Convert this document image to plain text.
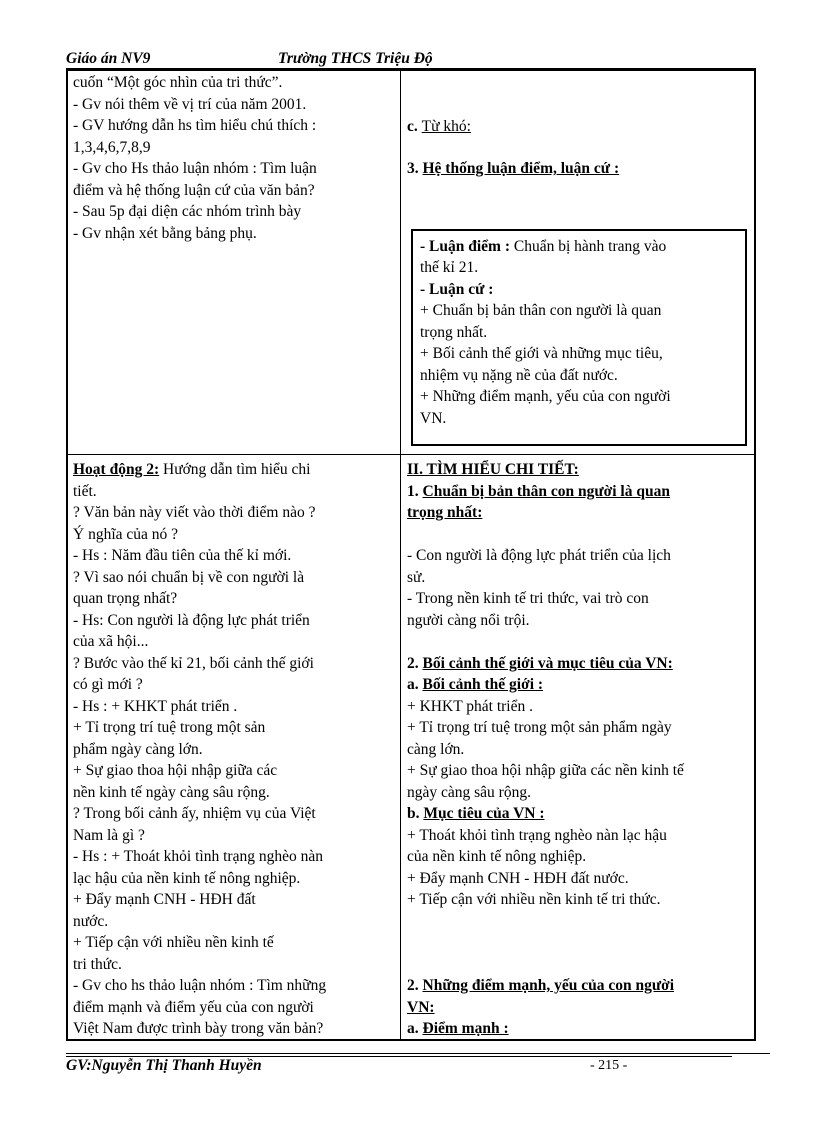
Giáo án NV9	Trường THCS Triệu Độ
cuốn “Một góc nhìn của tri thức”.
- Gv nói thêm về vị trí của năm 2001.
- GV hướng dẫn hs tìm hiểu chú thích :
1,3,4,6,7,8,9
- Gv cho Hs thảo luận nhóm : Tìm luận
điểm và hệ thống luận cứ của văn bản?
- Sau 5p đại diện các nhóm trình bày
- Gv nhận xét bằng bảng phụ.
c. Từ khó:
3. Hệ thống luận điểm, luận cứ :
- Luận điểm : Chuẩn bị hành trang vào
thế kỉ 21.
- Luận cứ :
+ Chuẩn bị bản thân con người là quan
trọng nhất.
+ Bối cảnh thế giới và những mục tiêu,
nhiệm vụ nặng nề của đất nước.
+ Những điểm mạnh, yếu của con người
VN.
Hoạt động 2: Hướng dẫn tìm hiểu chi
tiết.
? Văn bản này viết vào thời điểm nào ?
Ý nghĩa của nó ?
- Hs : Năm đầu tiên của thế kỉ mới.
? Vì sao nói chuẩn bị về con người là
quan trọng nhất?
- Hs: Con người là động lực phát triển
của xã hội...
? Bước vào thế kỉ 21, bối cảnh thế giới
có gì mới ?
- Hs : + KHKT phát triển .
+ Tỉ trọng trí tuệ trong một sản
phẩm ngày càng lớn.
+ Sự giao thoa hội nhập giữa các
nền kinh tế ngày càng sâu rộng.
? Trong bối cảnh ấy, nhiệm vụ của Việt
Nam là gì ?
- Hs : + Thoát khỏi tình trạng nghèo nàn
lạc hậu của nền kinh tế nông nghiệp.
+ Đẩy mạnh CNH - HĐH đất
nước.
+ Tiếp cận với nhiều nền kinh tế
tri thức.
- Gv cho hs thảo luận nhóm : Tìm những
điểm mạnh và điểm yếu của con người
Việt Nam được trình bày trong văn bản?
II. TÌM HIỂU CHI TIẾT:
1. Chuẩn bị bản thân con người là quan
trọng nhất:
- Con người là động lực phát triển của lịch
sử.
- Trong nền kinh tế tri thức, vai trò con
người càng nổi trội.
2. Bối cảnh thế giới và mục tiêu của VN:
a. Bối cảnh thế giới :
+ KHKT phát triển .
+ Tỉ trọng trí tuệ trong một sản phẩm ngày
càng lớn.
+ Sự giao thoa hội nhập giữa các nền kinh tế
ngày càng sâu rộng.
b. Mục tiêu của VN :
+ Thoát khỏi tình trạng nghèo nàn lạc hậu
của nền kinh tế nông nghiệp.
+ Đẩy mạnh CNH - HĐH đất nước.
+ Tiếp cận với nhiều nền kinh tế tri thức.
2. Những điểm mạnh, yếu của con người
VN:
a. Điểm mạnh :
GV:Nguyễn Thị Thanh Huyền	- 215 -
